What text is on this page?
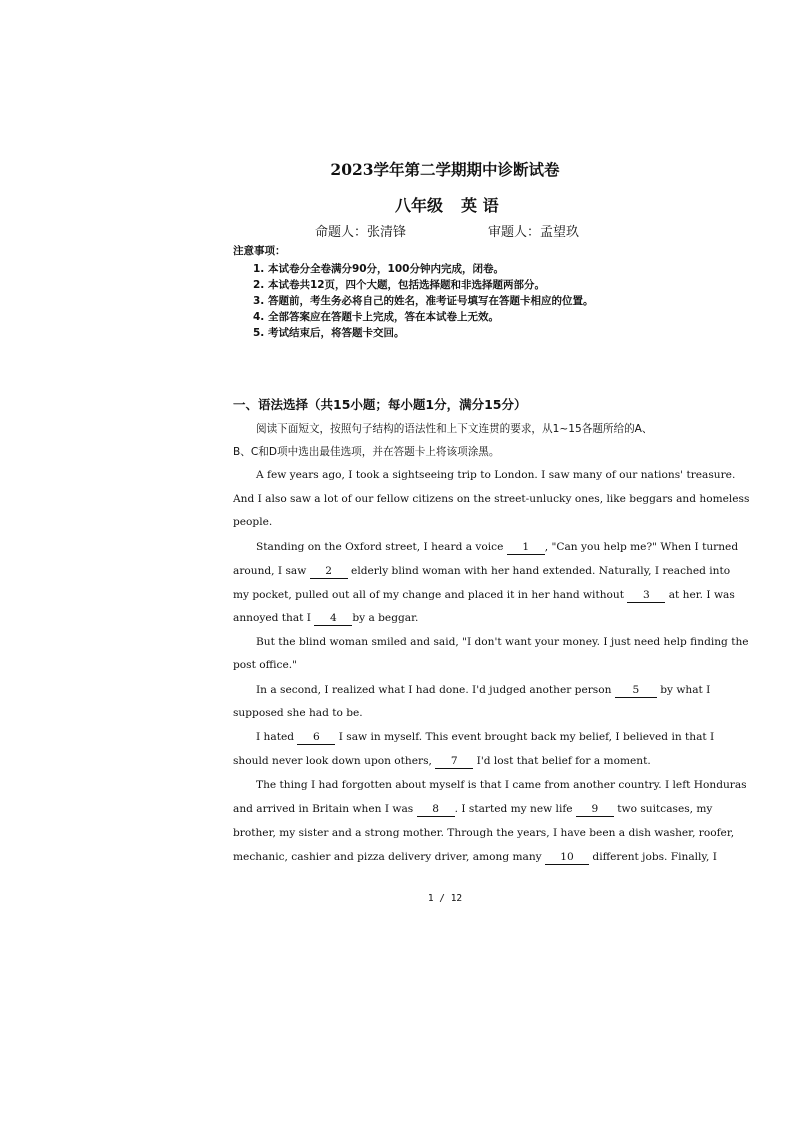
2023学年第二学期期中诊断试卷
八年级 英 语
命题人：张清锋	审题人：孟望玖
注意事项：
1. 本试卷分全卷满分90分，100分钟内完成，闭卷。
2. 本试卷共12页，四个大题，包括选择题和非选择题两部分。
3. 答题前，考生务必将自己的姓名，准考证号填写在答题卡相应的位置。
4. 全部答案应在答题卡上完成，答在本试卷上无效。
5. 考试结束后，将答题卡交回。
一、语法选择（共15小题；每小题1分，满分15分）
阅读下面短文，按照句子结构的语法性和上下文连贯的要求，从1~15各题所给的A、
B、C和D项中选出最佳选项，并在答题卡上将该项涂黑。
A few years ago, I took a sightseeing trip to London. I saw many of our nations' treasure.
And I also saw a lot of our fellow citizens on the street-unlucky ones, like beggars and homeless
people.
Standing on the Oxford street, I heard a voice 1 , "Can you help me?" When I turned
around, I saw 2 elderly blind woman with her hand extended. Naturally, I reached into
my pocket, pulled out all of my change and placed it in her hand without 3 at her. I was
annoyed that I 4 by a beggar.
But the blind woman smiled and said, "I don't want your money. I just need help finding the
post office."
In a second, I realized what I had done. I'd judged another person 5 by what I
supposed she had to be.
I hated 6 I saw in myself. This event brought back my belief, I believed in that I
should never look down upon others, 7 I'd lost that belief for a moment.
The thing I had forgotten about myself is that I came from another country. I left Honduras
and arrived in Britain when I was 8 . I started my new life 9 two suitcases, my
brother, my sister and a strong mother. Through the years, I have been a dish washer, roofer,
mechanic, cashier and pizza delivery driver, among many 10 different jobs. Finally, I
1 / 12
